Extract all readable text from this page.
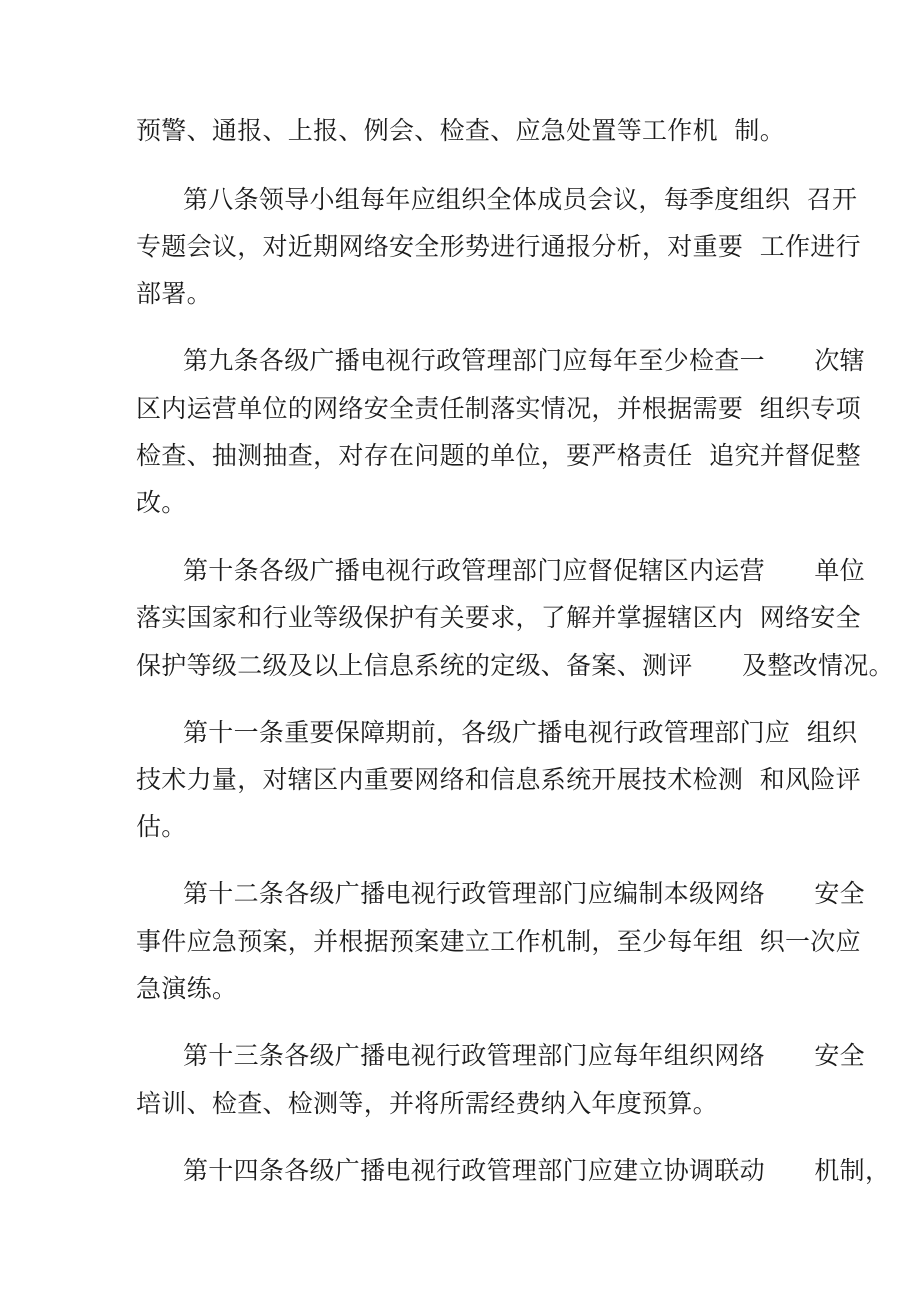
预警、通报、上报、例会、检查、应急处置等工作机  制。
第八条领导小组每年应组织全体成员会议，每季度组织  召开
专题会议，对近期网络安全形势进行通报分析，对重要  工作进行
部署。
第九条各级广播电视行政管理部门应每年至少检查一      次辖
区内运营单位的网络安全责任制落实情况，并根据需要  组织专项
检查、抽测抽查，对存在问题的单位，要严格责任  追究并督促整
改。
第十条各级广播电视行政管理部门应督促辖区内运营      单位
落实国家和行业等级保护有关要求，了解并掌握辖区内  网络安全
保护等级二级及以上信息系统的定级、备案、测评      及整改情况。
第十一条重要保障期前，各级广播电视行政管理部门应  组织
技术力量，对辖区内重要网络和信息系统开展技术检测  和风险评
估。
第十二条各级广播电视行政管理部门应编制本级网络      安全
事件应急预案，并根据预案建立工作机制，至少每年组  织一次应
急演练。
第十三条各级广播电视行政管理部门应每年组织网络      安全
培训、检查、检测等，并将所需经费纳入年度预算。
第十四条各级广播电视行政管理部门应建立协调联动      机制，
